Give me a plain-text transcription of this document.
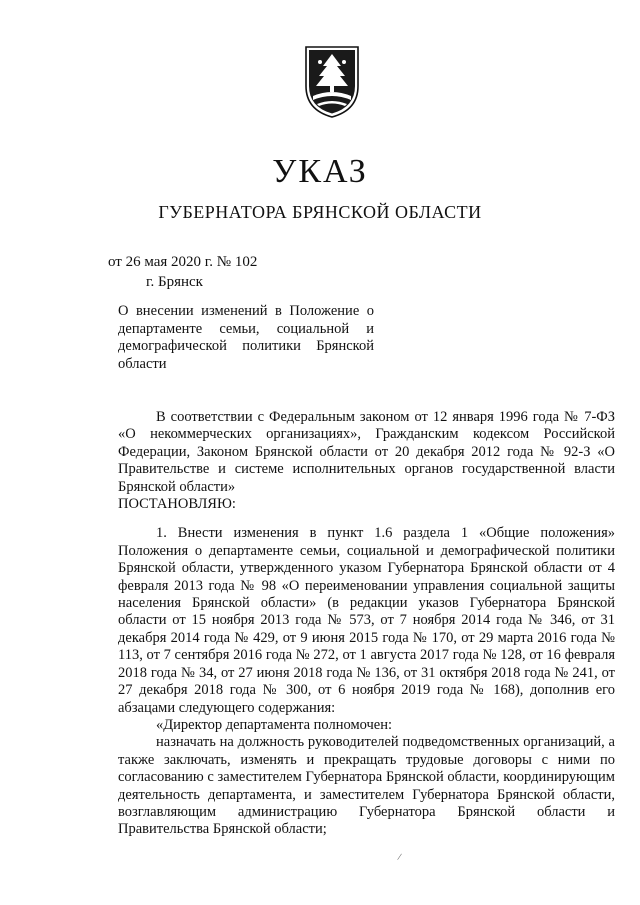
УКАЗ
ГУБЕРНАТОРА БРЯНСКОЙ ОБЛАСТИ
от 26 мая 2020 г. № 102
г. Брянск
О внесении изменений в Положение о департаменте семьи, социальной и демографической политики Брянской области

В соответствии с Федеральным законом от 12 января 1996 года № 7-ФЗ «О некоммерческих организациях», Гражданским кодексом Российской Федерации, Законом Брянской области от 20 декабря 2012 года № 92-З «О Правительстве и системе исполнительных органов государственной власти Брянской области»

ПОСТАНОВЛЯЮ:

1. Внести изменения в пункт 1.6 раздела 1 «Общие положения» Положения о департаменте семьи, социальной и демографической политики Брянской области, утвержденного указом Губернатора Брянской области от 4 февраля 2013 года № 98 «О переименовании управления социальной защиты населения Брянской области» (в редакции указов Губернатора Брянской области от 15 ноября 2013 года № 573, от 7 ноября 2014 года № 346, от 31 декабря 2014 года № 429, от 9 июня 2015 года № 170, от 29 марта 2016 года № 113, от 7 сентября 2016 года № 272, от 1 августа 2017 года № 128, от 16 февраля 2018 года № 34, от 27 июня 2018 года № 136, от 31 октября 2018 года № 241, от 27 декабря 2018 года № 300, от 6 ноября 2019 года № 168), дополнив его абзацами следующего содержания:

«Директор департамента полномочен:

назначать на должность руководителей подведомственных организаций, а также заключать, изменять и прекращать трудовые договоры с ними по согласованию с заместителем Губернатора Брянской области, координирующим деятельность департамента, и заместителем Губернатора Брянской области, возглавляющим администрацию Губернатора Брянской области и Правительства Брянской области;

/
